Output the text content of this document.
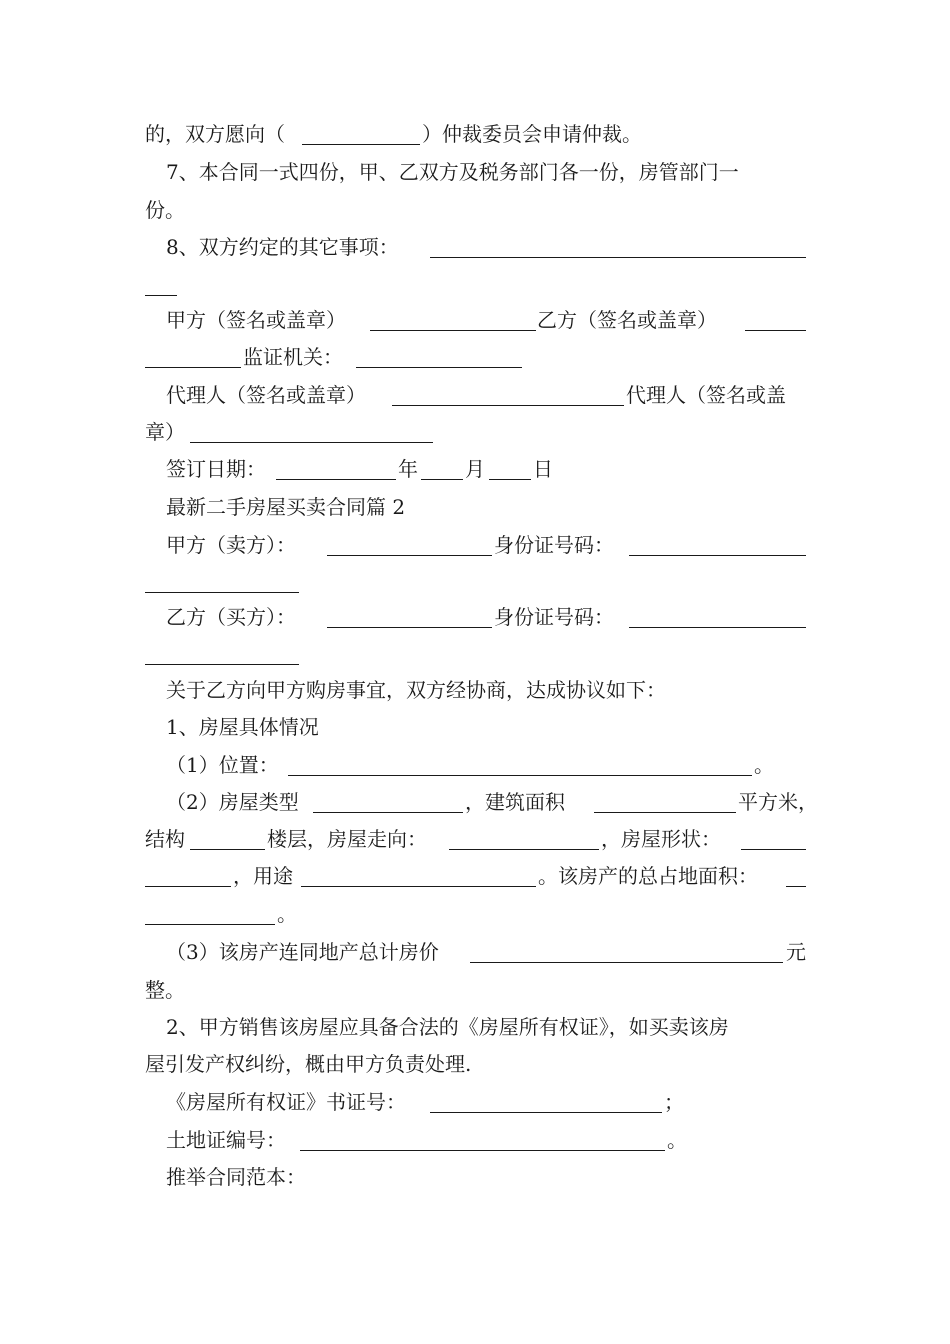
的，双方愿向（	）仲裁委员会申请仲裁。
7、本合同一式四份，甲、乙双方及税务部门各一份，房管部门一
份。
8、双方约定的其它事项：
甲方（签名或盖章）	乙方（签名或盖章）
监证机关：
代理人（签名或盖章）	代理人（签名或盖
章）
签订日期：	年 月 日
最新二手房屋买卖合同篇 2
甲方（卖方）：	身份证号码：
乙方（买方）：	身份证号码：
关于乙方向甲方购房事宜，双方经协商，达成协议如下：
1、房屋具体情况
（1）位置：	。
（2）房屋类型	，建筑面积	平方米，
结构	楼层，房屋走向：	，房屋形状：
，用途	。该房产的总占地面积：
。
（3）该房产连同地产总计房价	元
整。
2、甲方销售该房屋应具备合法的《房屋所有权证》，如买卖该房
屋引发产权纠纷，概由甲方负责处理.
《房屋所有权证》书证号：	；
土地证编号：	。
推举合同范本：
